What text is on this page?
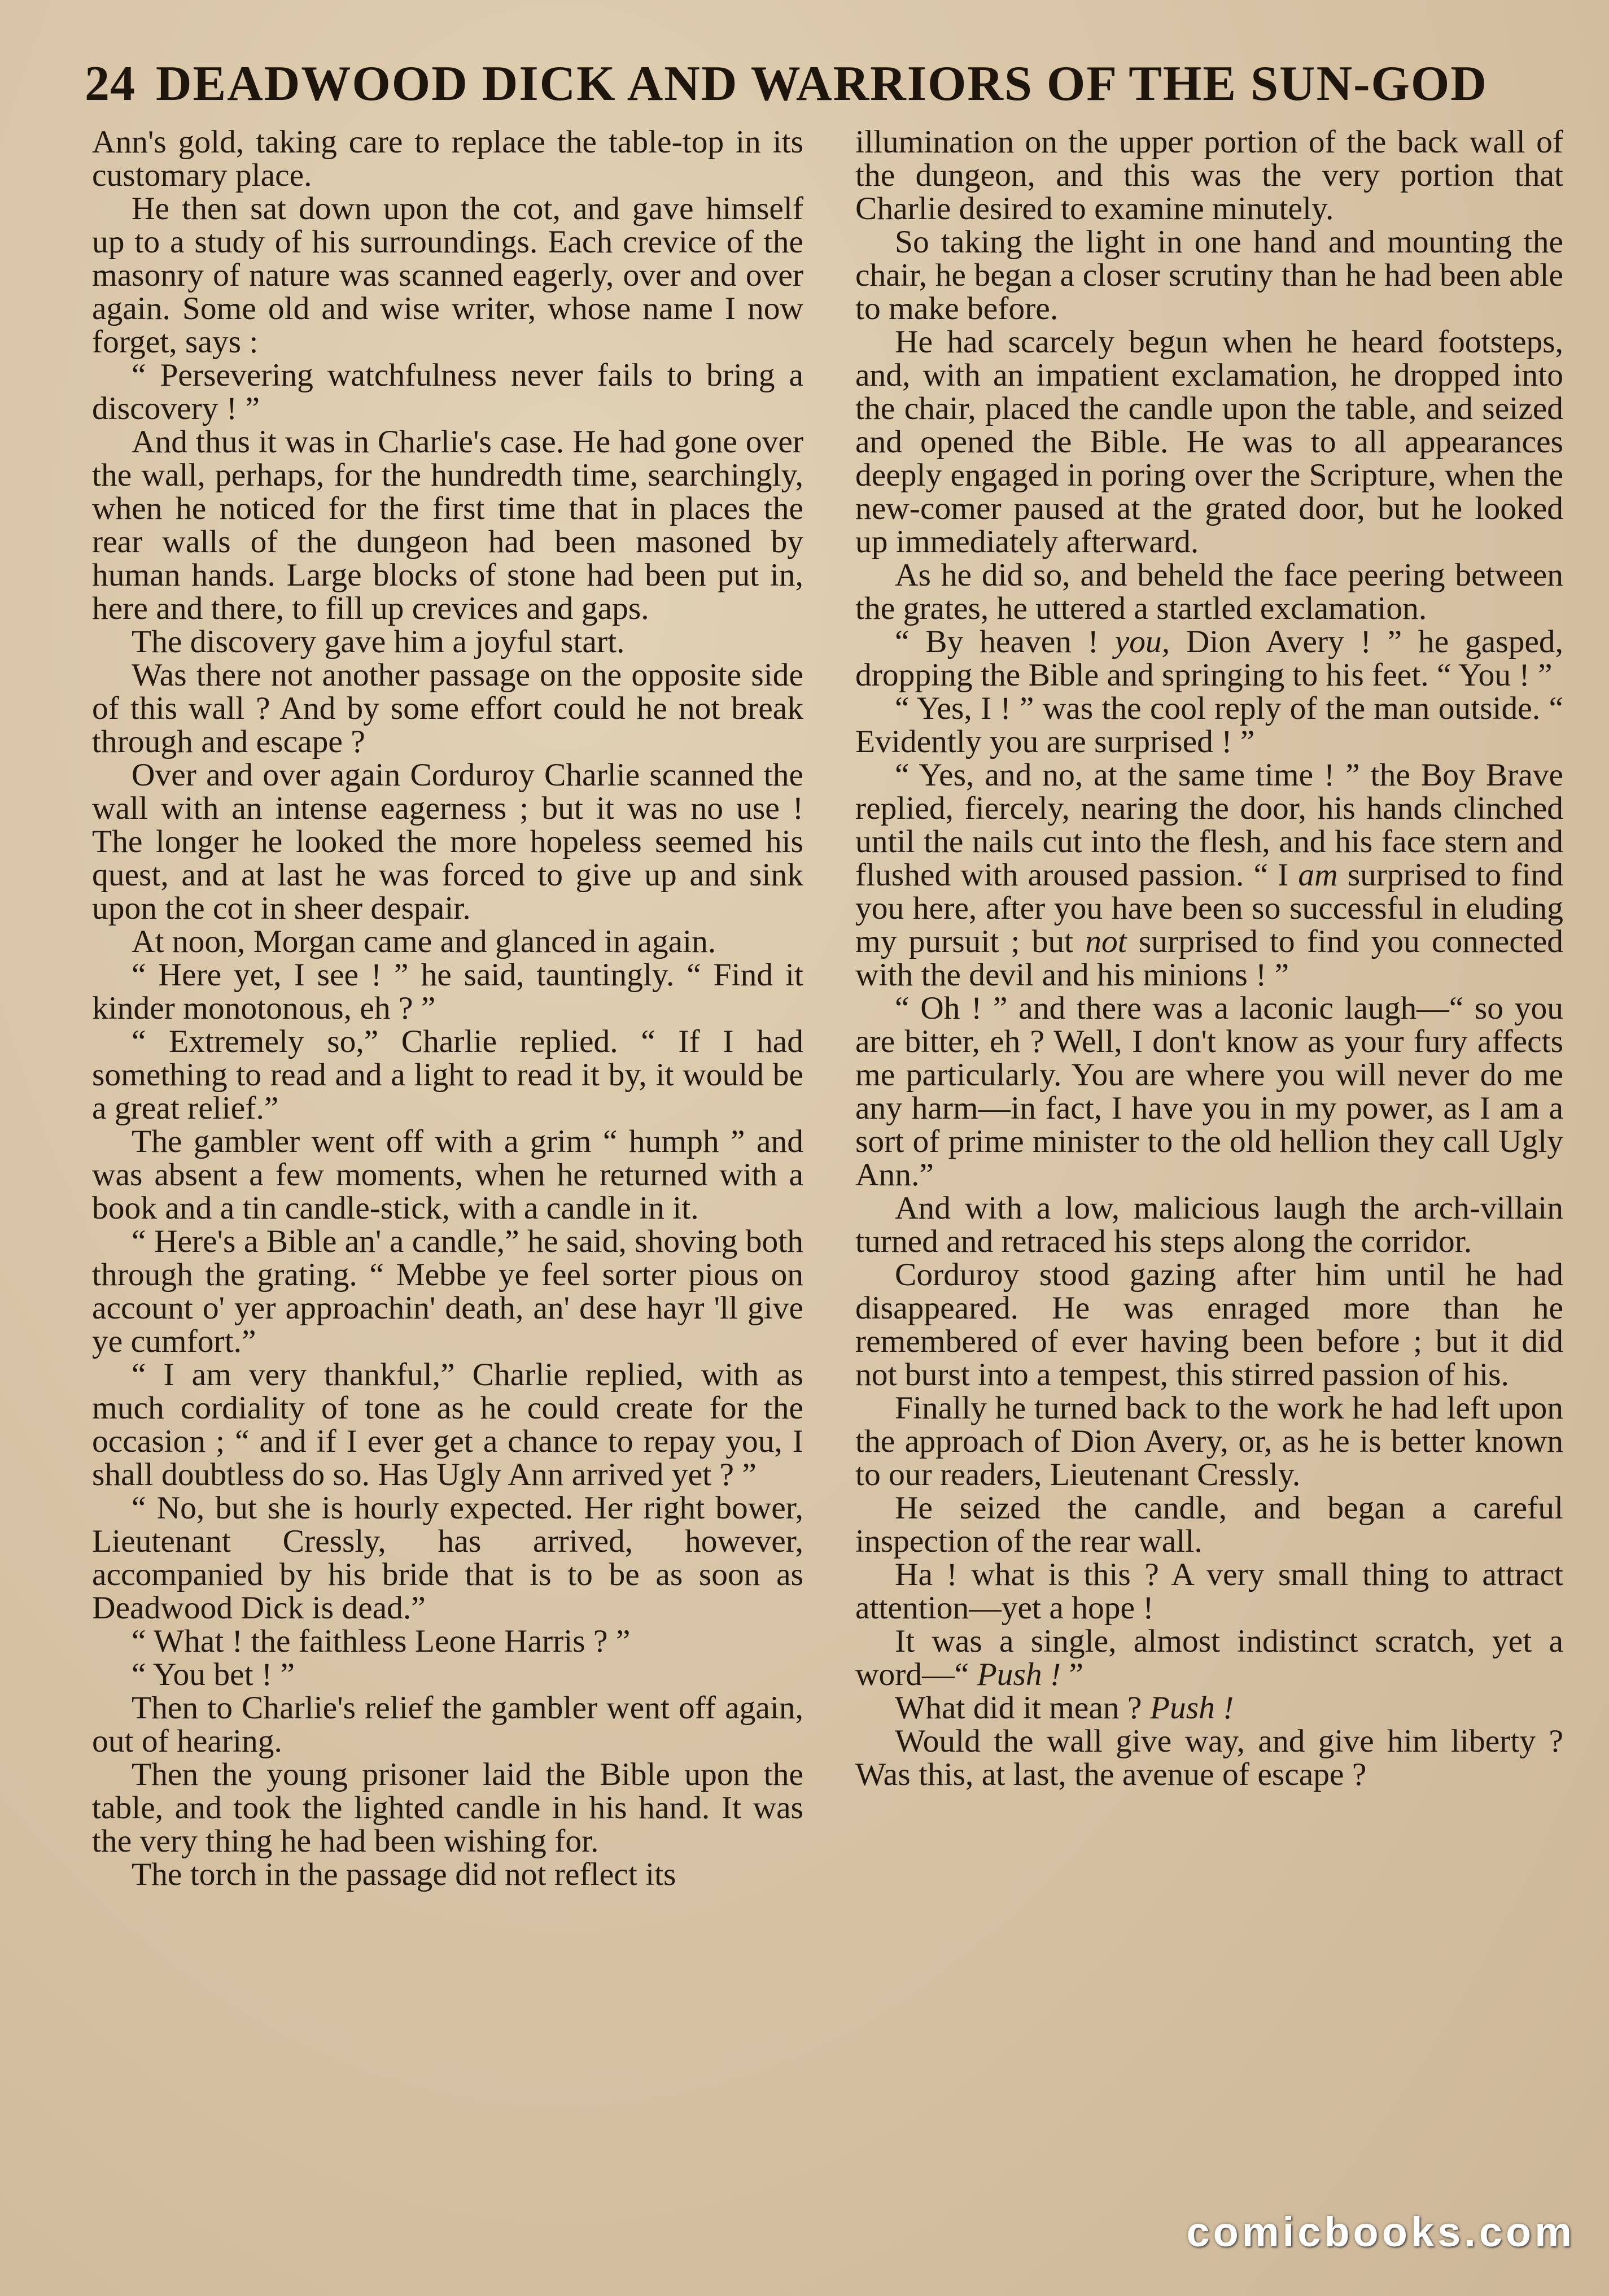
24 DEADWOOD DICK AND WARRIORS OF THE SUN-GOD

Ann's gold, taking care to replace the table-top in its customary place.

He then sat down upon the cot, and gave himself up to a study of his surroundings. Each crevice of the masonry of nature was scanned eagerly, over and over again. Some old and wise writer, whose name I now forget, says :

“ Persevering watchfulness never fails to bring a discovery ! ”

And thus it was in Charlie's case. He had gone over the wall, perhaps, for the hundredth time, searchingly, when he noticed for the first time that in places the rear walls of the dungeon had been masoned by human hands. Large blocks of stone had been put in, here and there, to fill up crevices and gaps.

The discovery gave him a joyful start.

Was there not another passage on the opposite side of this wall ? And by some effort could he not break through and escape ?

Over and over again Corduroy Charlie scanned the wall with an intense eagerness ; but it was no use ! The longer he looked the more hopeless seemed his quest, and at last he was forced to give up and sink upon the cot in sheer despair.

At noon, Morgan came and glanced in again.

“ Here yet, I see ! ” he said, tauntingly. “ Find it kinder monotonous, eh ? ”

“ Extremely so,” Charlie replied. “ If I had something to read and a light to read it by, it would be a great relief.”

The gambler went off with a grim “ humph ” and was absent a few moments, when he returned with a book and a tin candle-stick, with a candle in it.

“ Here's a Bible an' a candle,” he said, shoving both through the grating. “ Mebbe ye feel sorter pious on account o' yer approachin' death, an' dese hayr 'll give ye cumfort.”

“ I am very thankful,” Charlie replied, with as much cordiality of tone as he could create for the occasion ; “ and if I ever get a chance to repay you, I shall doubtless do so. Has Ugly Ann arrived yet ? ”

“ No, but she is hourly expected. Her right bower, Lieutenant Cressly, has arrived, however, accompanied by his bride that is to be as soon as Deadwood Dick is dead.”

“ What ! the faithless Leone Harris ? ”

“ You bet ! ”

Then to Charlie's relief the gambler went off again, out of hearing.

Then the young prisoner laid the Bible upon the table, and took the lighted candle in his hand. It was the very thing he had been wishing for.

The torch in the passage did not reflect its

illumination on the upper portion of the back wall of the dungeon, and this was the very portion that Charlie desired to examine minutely.

So taking the light in one hand and mounting the chair, he began a closer scrutiny than he had been able to make before.

He had scarcely begun when he heard footsteps, and, with an impatient exclamation, he dropped into the chair, placed the candle upon the table, and seized and opened the Bible. He was to all appearances deeply engaged in poring over the Scripture, when the new-comer paused at the grated door, but he looked up immediately afterward.

As he did so, and beheld the face peering between the grates, he uttered a startled exclamation.

“ By heaven ! you, Dion Avery ! ” he gasped, dropping the Bible and springing to his feet. “ You ! ”

“ Yes, I ! ” was the cool reply of the man outside. “ Evidently you are surprised ! ”

“ Yes, and no, at the same time ! ” the Boy Brave replied, fiercely, nearing the door, his hands clinched until the nails cut into the flesh, and his face stern and flushed with aroused passion. “ I am surprised to find you here, after you have been so successful in eluding my pursuit ; but not surprised to find you connected with the devil and his minions ! ”

“ Oh ! ” and there was a laconic laugh—“ so you are bitter, eh ? Well, I don't know as your fury affects me particularly. You are where you will never do me any harm—in fact, I have you in my power, as I am a sort of prime minister to the old hellion they call Ugly Ann.”

And with a low, malicious laugh the arch-villain turned and retraced his steps along the corridor.

Corduroy stood gazing after him until he had disappeared. He was enraged more than he remembered of ever having been before ; but it did not burst into a tempest, this stirred passion of his.

Finally he turned back to the work he had left upon the approach of Dion Avery, or, as he is better known to our readers, Lieutenant Cressly.

He seized the candle, and began a careful inspection of the rear wall.

Ha ! what is this ? A very small thing to attract attention—yet a hope !

It was a single, almost indistinct scratch, yet a word—“ Push ! ”

What did it mean ? Push !

Would the wall give way, and give him liberty ? Was this, at last, the avenue of escape ?

comicbooks.com
